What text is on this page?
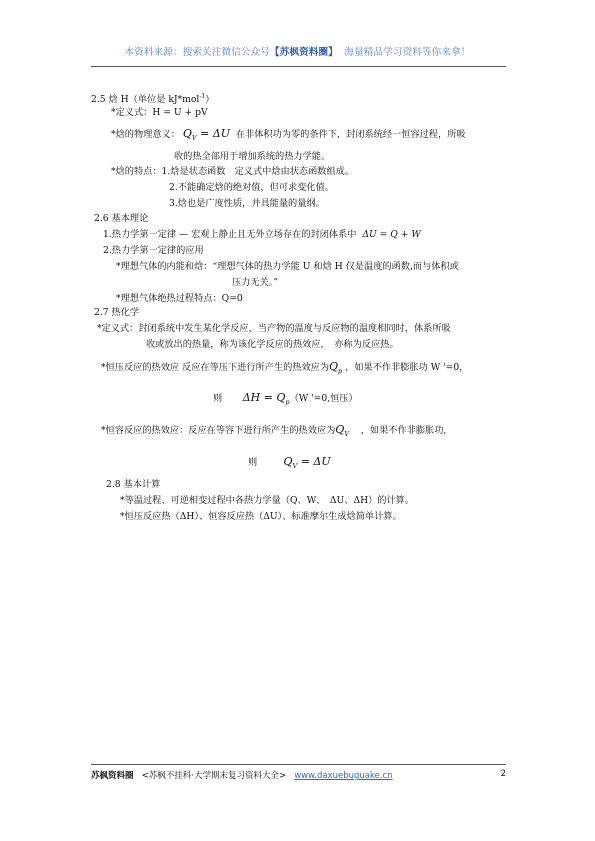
本资料来源：搜索关注微信公众号【苏枫资料圈】 海量精品学习资料等你来拿！
2.5 焓 H（单位是 kJ*mol$^{-1}$）
*定义式：H = U + pV
*焓的物理意义： $Q_V = \Delta U$ 在非体积功为零的条件下，封闭系统经一恒容过程，所吸
收的热全部用于增加系统的热力学能。
*焓的特点：1.焓是状态函数　定义式中焓由状态函数组成。
2.不能确定焓的绝对值，但可求变化值。
3.焓也是广度性质，并具能量的量纲。
2.6 基本理论
1.热力学第一定律 — 宏观上静止且无外立场存在的封闭体系中 ΔU = Q + W
2.热力学第一定律的应用
*理想气体的内能和焓：“理想气体的热力学能 U 和焓 H 仅是温度的函数,而与体积或
压力无关。”
*理想气体绝热过程特点：Q=0
2.7 热化学
*定义式：封闭系统中发生某化学反应，当产物的温度与反应物的温度相同时，体系所吸
收或放出的热量，称为该化学反应的热效应，　亦称为反应热。
*恒压反应的热效应 反应在等压下进行所产生的热效应为$Q_p$ ，如果不作非膨胀功 W '=0，
则 $\Delta H = Q_p(W$ '=0,恒压）
*恒容反应的热效应：反应在等容下进行所产生的热效应为$Q_V$ ，如果不作非膨胀功,
则 $Q_V = \Delta U$
2.8 基本计算
*等温过程、可逆相变过程中各热力学量（Q、W、　ΔU、ΔH）的计算。
*恒压反应热（ΔH）、恒容反应热（ΔU）、标准摩尔生成焓简单计算。
苏枫资料圈 <苏枫不挂科·大学期末复习资料大全> www.daxuebuguake.cn	2
